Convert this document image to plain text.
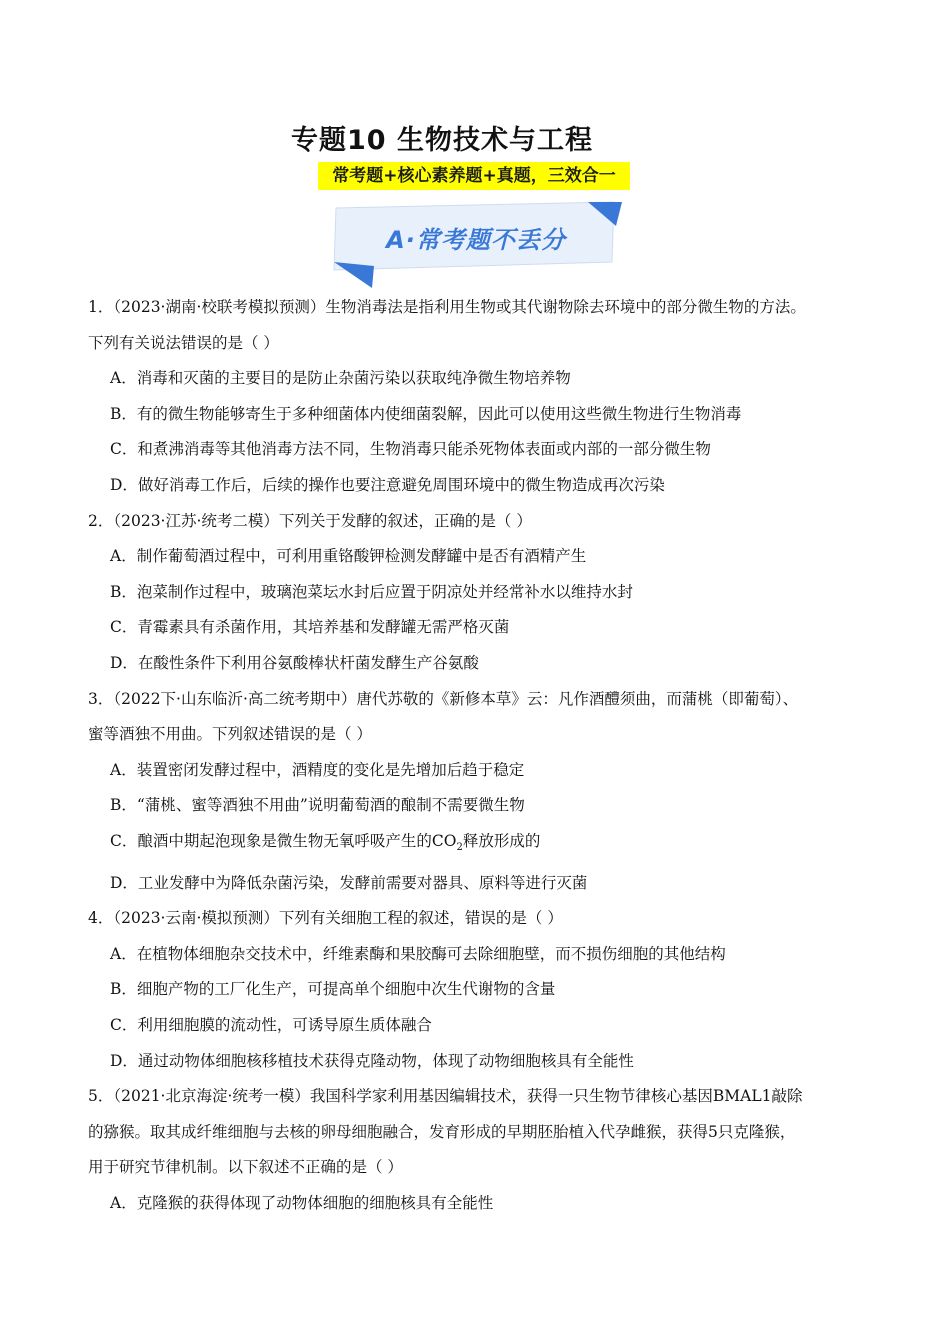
专题10 生物技术与工程
常考题+核心素养题+真题，三效合一
A·常考题不丢分
1．（2023·湖南·校联考模拟预测）生物消毒法是指利用生物或其代谢物除去环境中的部分微生物的方法。
下列有关说法错误的是（ ）
A．消毒和灭菌的主要目的是防止杂菌污染以获取纯净微生物培养物
B．有的微生物能够寄生于多种细菌体内使细菌裂解，因此可以使用这些微生物进行生物消毒
C．和煮沸消毒等其他消毒方法不同，生物消毒只能杀死物体表面或内部的一部分微生物
D．做好消毒工作后，后续的操作也要注意避免周围环境中的微生物造成再次污染
2．（2023·江苏·统考二模）下列关于发酵的叙述，正确的是（ ）
A．制作葡萄酒过程中，可利用重铬酸钾检测发酵罐中是否有酒精产生
B．泡菜制作过程中，玻璃泡菜坛水封后应置于阴凉处并经常补水以维持水封
C．青霉素具有杀菌作用，其培养基和发酵罐无需严格灭菌
D．在酸性条件下利用谷氨酸棒状杆菌发酵生产谷氨酸
3．（2022下·山东临沂·高二统考期中）唐代苏敬的《新修本草》云：凡作酒醴须曲，而蒲桃（即葡萄）、
蜜等酒独不用曲。下列叙述错误的是（ ）
A．装置密闭发酵过程中，酒精度的变化是先增加后趋于稳定
B．“蒲桃、蜜等酒独不用曲”说明葡萄酒的酿制不需要微生物
C．酿酒中期起泡现象是微生物无氧呼吸产生的$CO_2$释放形成的
D．工业发酵中为降低杂菌污染，发酵前需要对器具、原料等进行灭菌
4．（2023·云南·模拟预测）下列有关细胞工程的叙述，错误的是（ ）
A．在植物体细胞杂交技术中，纤维素酶和果胶酶可去除细胞壁，而不损伤细胞的其他结构
B．细胞产物的工厂化生产，可提高单个细胞中次生代谢物的含量
C．利用细胞膜的流动性，可诱导原生质体融合
D．通过动物体细胞核移植技术获得克隆动物，体现了动物细胞核具有全能性
5．（2021·北京海淀·统考一模）我国科学家利用基因编辑技术，获得一只生物节律核心基因BMAL1敲除
的猕猴。取其成纤维细胞与去核的卵母细胞融合，发育形成的早期胚胎植入代孕雌猴，获得5只克隆猴，
用于研究节律机制。以下叙述不正确的是（ ）
A．克隆猴的获得体现了动物体细胞的细胞核具有全能性
